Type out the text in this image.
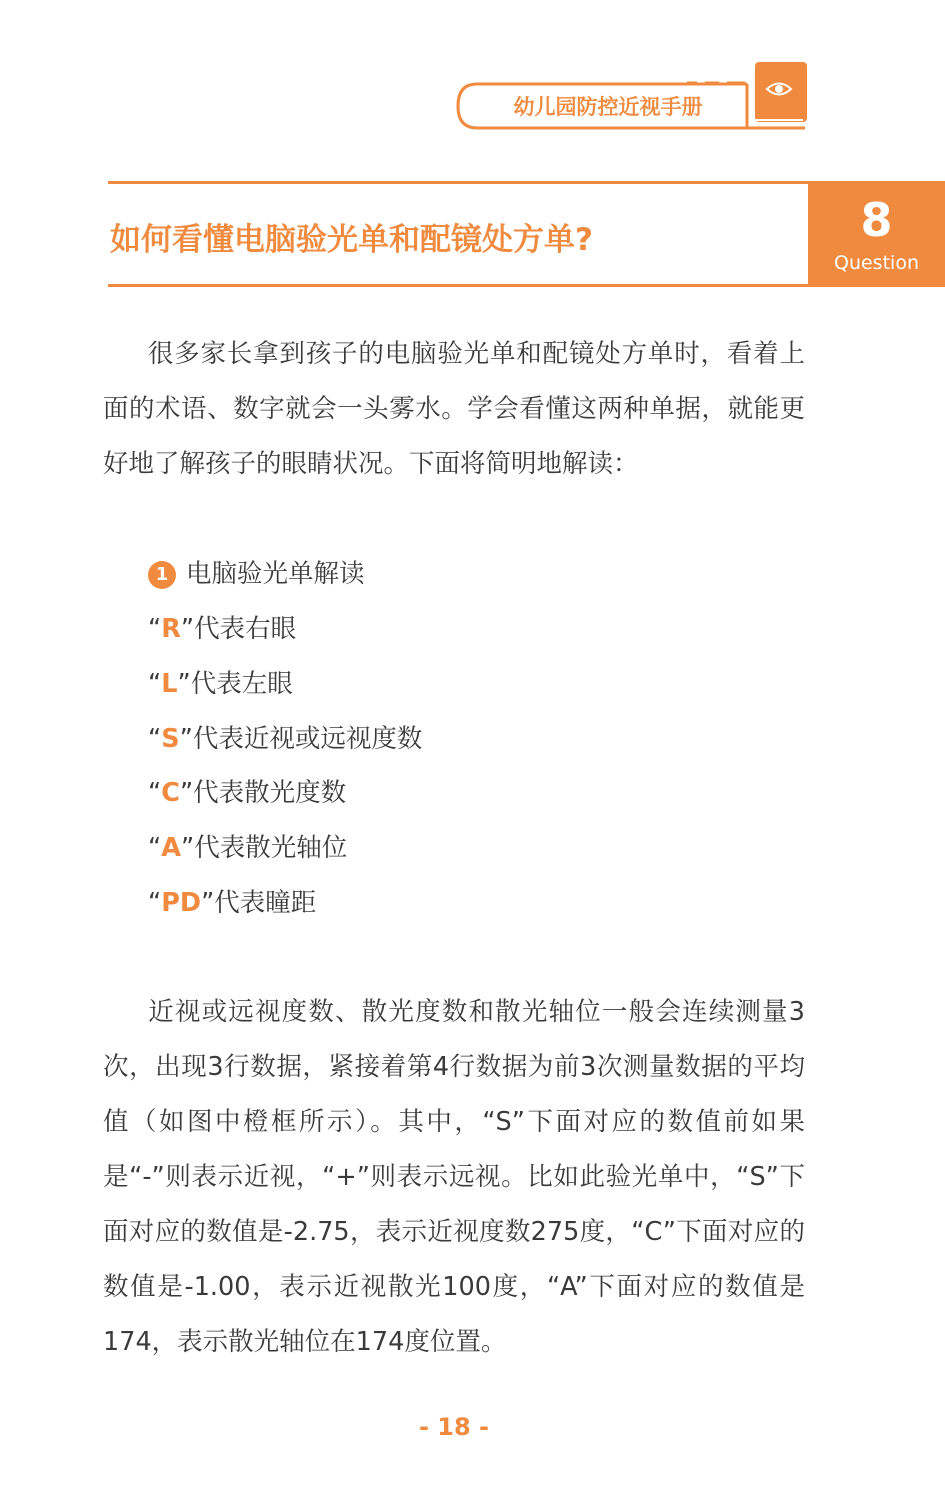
幼儿园防控近视手册
如何看懂电脑验光单和配镜处方单?	8
Question
很多家长拿到孩子的电脑验光单和配镜处方单时，看着上面的术语、数字就会一头雾水。学会看懂这两种单据，就能更好地了解孩子的眼睛状况。下面将简明地解读：
1 电脑验光单解读
“R”代表右眼
“L”代表左眼
“S”代表近视或远视度数
“C”代表散光度数
“A”代表散光轴位
“PD”代表瞳距
近视或远视度数、散光度数和散光轴位一般会连续测量3次，出现3行数据，紧接着第4行数据为前3次测量数据的平均值（如图中橙框所示）。其中，“S”下面对应的数值前如果是“-”则表示近视，“+”则表示远视。比如此验光单中，“S”下面对应的数值是-2.75，表示近视度数275度，“C”下面对应的数值是-1.00，表示近视散光100度，“A”下面对应的数值是174，表示散光轴位在174度位置。
- 18 -
